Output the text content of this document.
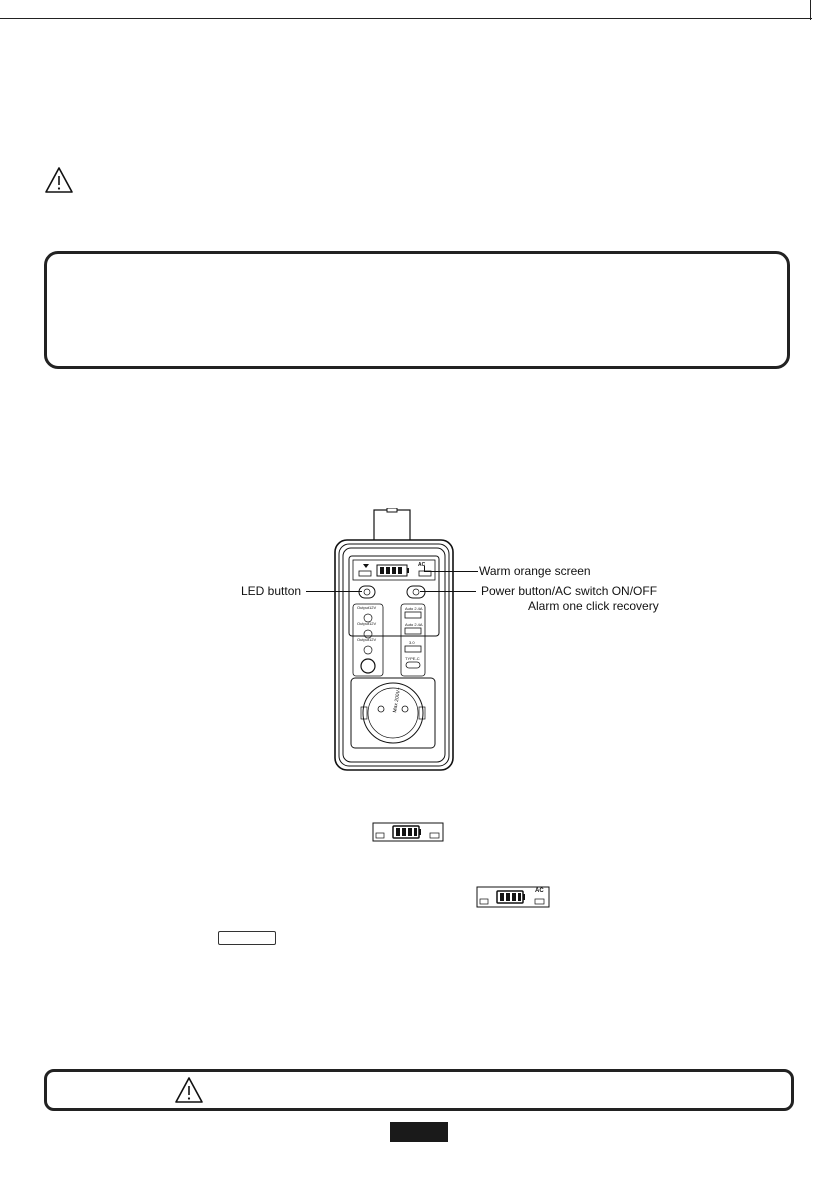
AC
Output12V
Output12V
Output12V
Auto 2.4A
Auto 2.4A
3.0
TYPE-C
Max 200V~
Warm orange screen
LED button	Power button/AC switch ON/OFF
Alarm one click recovery
AC
